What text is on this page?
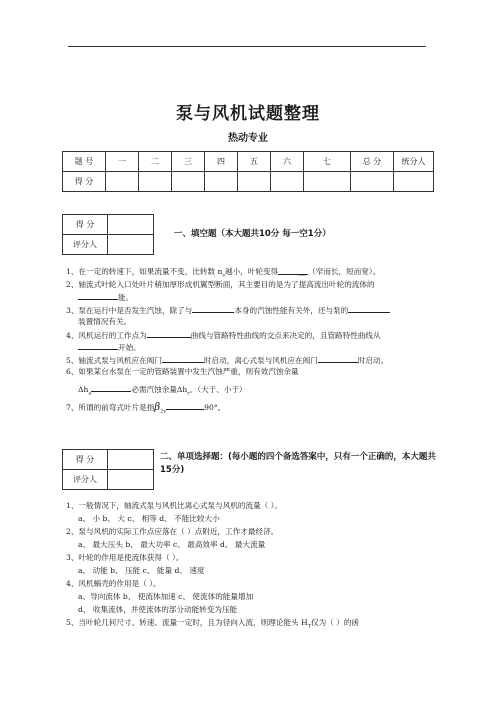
泵与风机试题整理
热动专业
题 号	一	二	三	四	五	六	七	总 分	统分人
得 分									
得 分	
评分人	
一、填空题（本大题共10分 每一空1分）
1、在一定的转速下，如果流量不变，比转数 $n_s$越小，叶轮变得	__ （窄而长，短而宽）。
2、轴流式叶轮入口处叶片稍加厚形成机翼型断面，其主要目的是为了提高流出叶轮的流体的
能。
3、泵在运行中是否发生汽蚀，除了与	本身的汽蚀性能有关外，还与泵的
装置情况有关。
4、风机运行的工作点为	曲线与管路特性曲线的交点来决定的，且管路特性曲线从
开始。
5、轴流式泵与风机应在阀门	时启动，离心式泵与风机应在阀门	时启动。
6、如果某台水泵在一定的管路装置中发生汽蚀严重，则有效汽蚀余量
$\Delta h_a$	必需汽蚀余量$\Delta h_r$。（大于、小于）
7、所谓的前弯式叶片是指$\beta_{2y}$	90°。
得 分	
评分人	
二、单项选择题：(每小题的四个备选答案中，只有一个正确的，本大题共15分)
1、一般情况下，轴流式泵与风机比离心式泵与风机的流量（ ）。
a、 小 b、 大 c、 相等 d、 不能比较大小
2、泵与风机的实际工作点应落在（ ）点附近，工作才最经济。
a、 最大压头 b、 最大功率 c、 最高效率 d、 最大流量
3、叶轮的作用是使流体获得（ ）。
a、 动能 b、 压能 c、 能量 d、 速度
4、风机蜗壳的作用是（ ）。
a、导向流体 b、 使流体加速 c、 使流体的能量增加
d、 收集流体，并使流体的部分动能转变为压能
5、当叶轮几何尺寸、转速、流量一定时，且为径向入流，则理论能头 $H_T$仅为（ ）的函
